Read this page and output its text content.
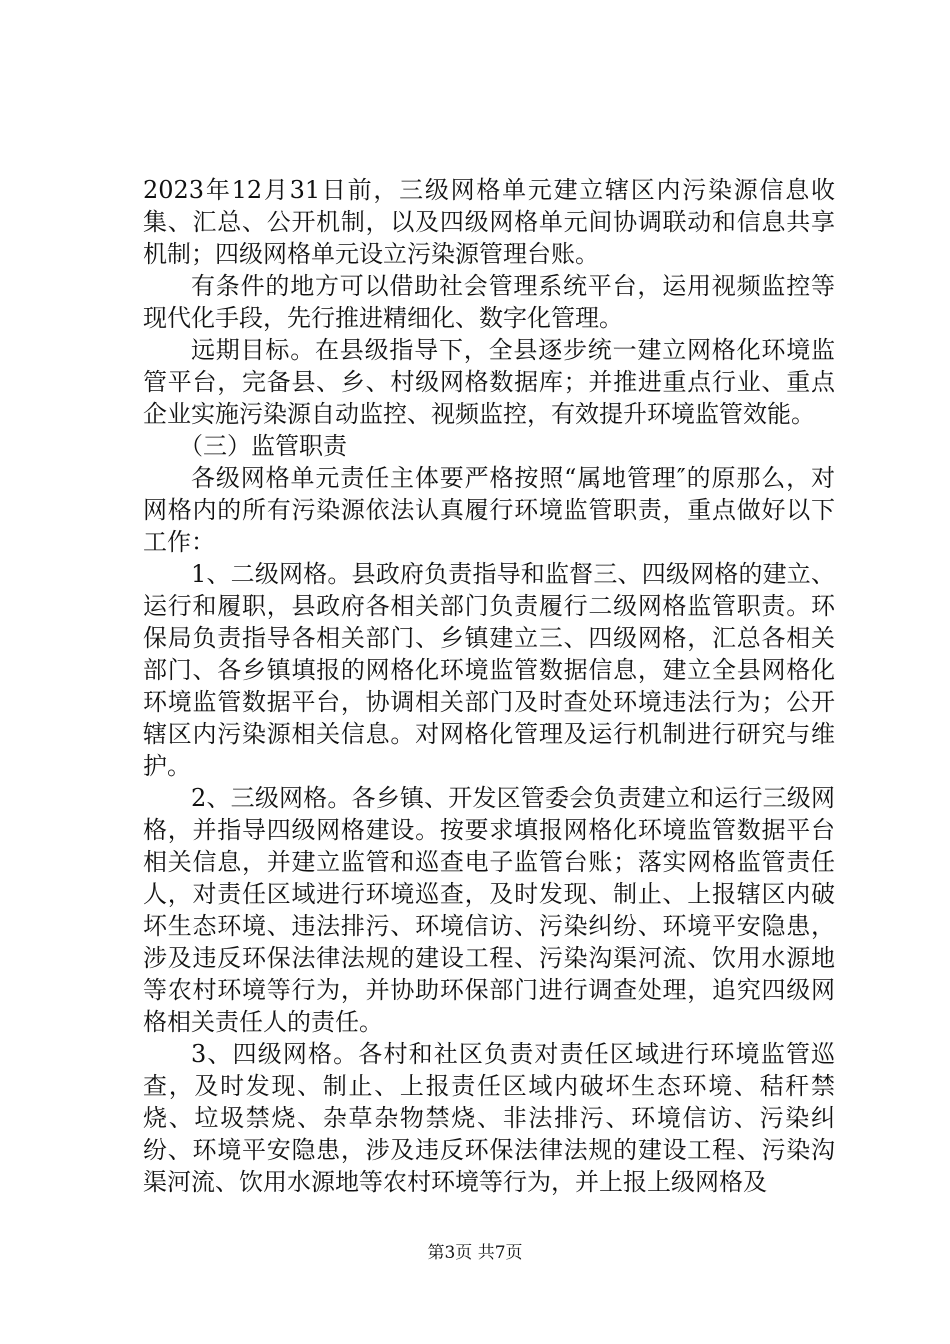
2023年12月31日前，三级网格单元建立辖区内污染源信息收集、汇总、公开机制，以及四级网格单元间协调联动和信息共享机制；四级网格单元设立污染源管理台账。

有条件的地方可以借助社会管理系统平台，运用视频监控等现代化手段，先行推进精细化、数字化管理。

远期目标。在县级指导下，全县逐步统一建立网格化环境监管平台，完备县、乡、村级网格数据库；并推进重点行业、重点企业实施污染源自动监控、视频监控，有效提升环境监管效能。

（三）监管职责

各级网格单元责任主体要严格按照“属地管理″的原那么，对网格内的所有污染源依法认真履行环境监管职责，重点做好以下工作：

1、二级网格。县政府负责指导和监督三、四级网格的建立、运行和履职，县政府各相关部门负责履行二级网格监管职责。环保局负责指导各相关部门、乡镇建立三、四级网格，汇总各相关部门、各乡镇填报的网格化环境监管数据信息，建立全县网格化环境监管数据平台，协调相关部门及时查处环境违法行为；公开辖区内污染源相关信息。对网格化管理及运行机制进行研究与维护。

2、三级网格。各乡镇、开发区管委会负责建立和运行三级网格，并指导四级网格建设。按要求填报网格化环境监管数据平台相关信息，并建立监管和巡查电子监管台账；落实网格监管责任人，对责任区域进行环境巡查，及时发现、制止、上报辖区内破坏生态环境、违法排污、环境信访、污染纠纷、环境平安隐患，涉及违反环保法律法规的建设工程、污染沟渠河流、饮用水源地等农村环境等行为，并协助环保部门进行调查处理，追究四级网格相关责任人的责任。

3、四级网格。各村和社区负责对责任区域进行环境监管巡查，及时发现、制止、上报责任区域内破坏生态环境、秸秆禁烧、垃圾禁烧、杂草杂物禁烧、非法排污、环境信访、污染纠纷、环境平安隐患，涉及违反环保法律法规的建设工程、污染沟渠河流、饮用水源地等农村环境等行为，并上报上级网格及

第3页 共7页
